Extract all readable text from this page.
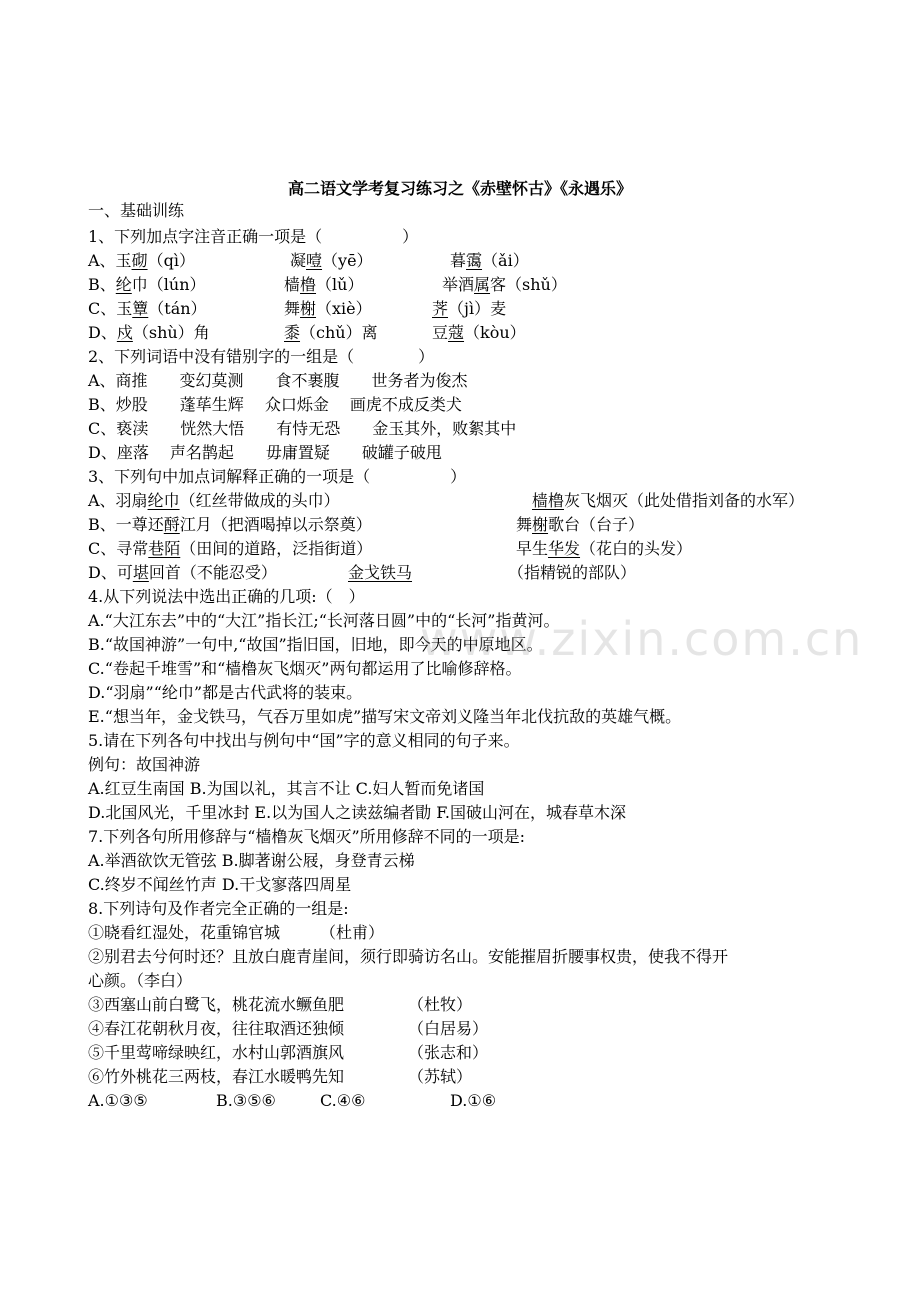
高二语文学考复习练习之《赤壁怀古》《永遇乐》
一、基础训练
1、下列加点字注音正确一项是（　　　　　）
A、玉砌（qì）	凝噎（yē）	暮霭（ǎi）
B、纶巾（lún）	樯橹（lǔ）	举酒属客（shǔ）
C、玉簟（tán）	舞榭（xiè）	荠（jì）麦
D、戍（shù）角	黍（chǔ）离	豆蔻（kòu）
2、下列词语中没有错别字的一组是（　　　　）
A、商推　　变幻莫测　　食不裹腹　　世务者为俊杰
B、炒股　　蓬荜生辉　 众口烁金　 画虎不成反类犬
C、亵渎　　恍然大悟　　有恃无恐　　金玉其外，败絮其中
D、座落　 声名鹊起　　毋庸置疑　　破罐子破甩
3、下列句中加点词解释正确的一项是（　　　　　）
A、羽扇纶巾（红丝带做成的头巾）	樯橹灰飞烟灭（此处借指刘备的水军）
B、一尊还酹江月（把酒喝掉以示祭奠）	舞榭歌台（台子）
C、寻常巷陌（田间的道路，泛指街道）	早生华发（花白的头发）
D、可堪回首（不能忍受）	金戈铁马	（指精锐的部队）
4.从下列说法中选出正确的几项:（　）
A.“大江东去”中的“大江”指长江;“长河落日圆”中的“长河”指黄河。
B.“故国神游”一句中,“故国”指旧国，旧地，即今天的中原地区。
C.“卷起千堆雪”和“樯橹灰飞烟灭”两句都运用了比喻修辞格。
D.“羽扇”“纶巾”都是古代武将的装束。
E.“想当年，金戈铁马，气吞万里如虎”描写宋文帝刘义隆当年北伐抗敌的英雄气概。
5.请在下列各句中找出与例句中“国”字的意义相同的句子来。
例句：故国神游
A.红豆生南国 B.为国以礼，其言不让 C.妇人暂而免诸国
D.北国风光，千里冰封 E.以为国人之读兹编者勖 F.国破山河在，城春草木深
7.下列各句所用修辞与“樯橹灰飞烟灭”所用修辞不同的一项是:
A.举酒欲饮无管弦 B.脚著谢公屐，身登青云梯
C.终岁不闻丝竹声 D.干戈寥落四周星
8.下列诗句及作者完全正确的一组是:
①晓看红湿处，花重锦官城 （杜甫）
②别君去兮何时还？且放白鹿青崖间，须行即骑访名山。安能摧眉折腰事权贵，使我不得开
心颜。（李白）
③西塞山前白鹭飞，桃花流水鳜鱼肥	（杜牧）
④春江花朝秋月夜，往往取酒还独倾	（白居易）
⑤千里莺啼绿映红，水村山郭酒旗风	（张志和）
⑥竹外桃花三两枝，春江水暖鸭先知	（苏轼）
A.①③⑤	B.③⑤⑥	C.④⑥	D.①⑥
www.zixin.com.cn
